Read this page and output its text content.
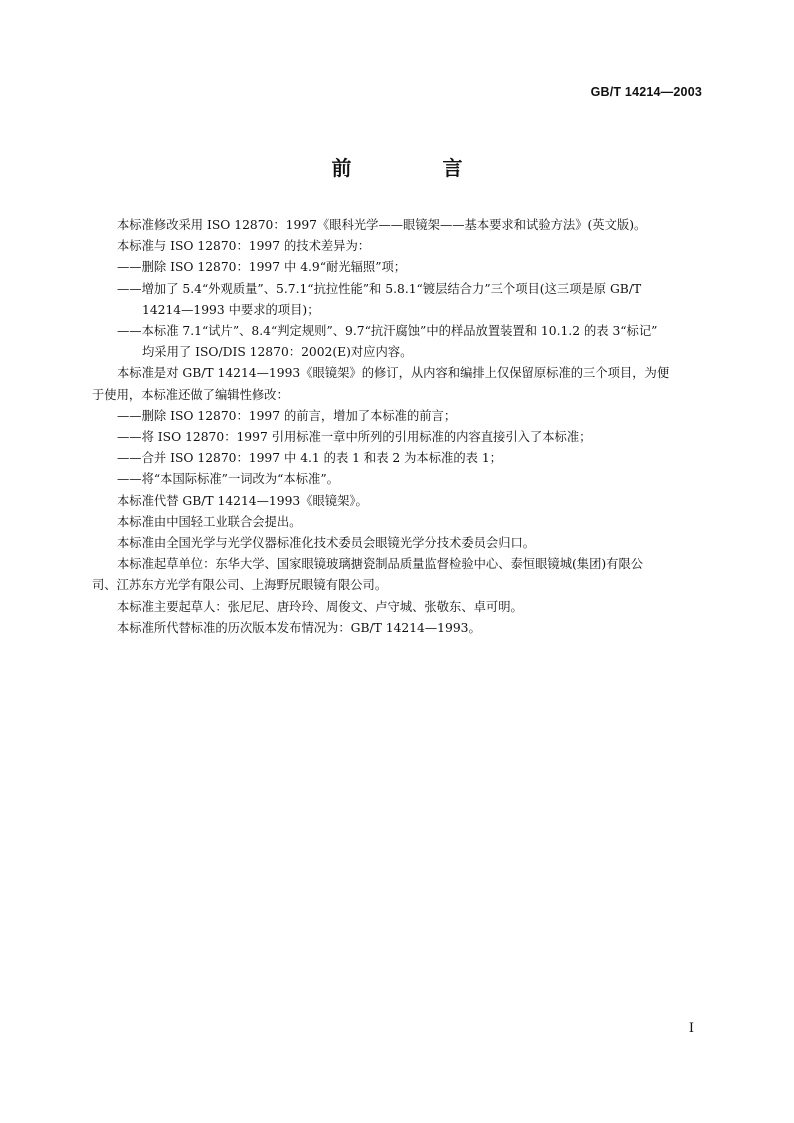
GB/T 14214—2003
前 言

本标准修改采用 ISO 12870：1997《眼科光学——眼镜架——基本要求和试验方法》(英文版)。

本标准与 ISO 12870：1997 的技术差异为：

——删除 ISO 12870：1997 中 4.9“耐光辐照”项；

——增加了 5.4“外观质量”、5.7.1“抗拉性能”和 5.8.1“镀层结合力”三个项目(这三项是原 GB/T

14214—1993 中要求的项目)；

——本标准 7.1“试片”、8.4“判定规则”、9.7“抗汗腐蚀”中的样品放置装置和 10.1.2 的表 3“标记”

均采用了 ISO/DIS 12870：2002(E)对应内容。

本标准是对 GB/T 14214—1993《眼镜架》的修订，从内容和编排上仅保留原标准的三个项目，为便

于使用，本标准还做了编辑性修改：

——删除 ISO 12870：1997 的前言，增加了本标准的前言；

——将 ISO 12870：1997 引用标准一章中所列的引用标准的内容直接引入了本标准；

——合并 ISO 12870：1997 中 4.1 的表 1 和表 2 为本标准的表 1；

——将“本国际标准”一词改为“本标准”。

本标准代替 GB/T 14214—1993《眼镜架》。

本标准由中国轻工业联合会提出。

本标准由全国光学与光学仪器标准化技术委员会眼镜光学分技术委员会归口。

本标准起草单位：东华大学、国家眼镜玻璃搪瓷制品质量监督检验中心、泰恒眼镜城(集团)有限公

司、江苏东方光学有限公司、上海野尻眼镜有限公司。

本标准主要起草人：张尼尼、唐玲玲、周俊文、卢守城、张敬东、卓可明。

本标准所代替标准的历次版本发布情况为：GB/T 14214—1993。

I
